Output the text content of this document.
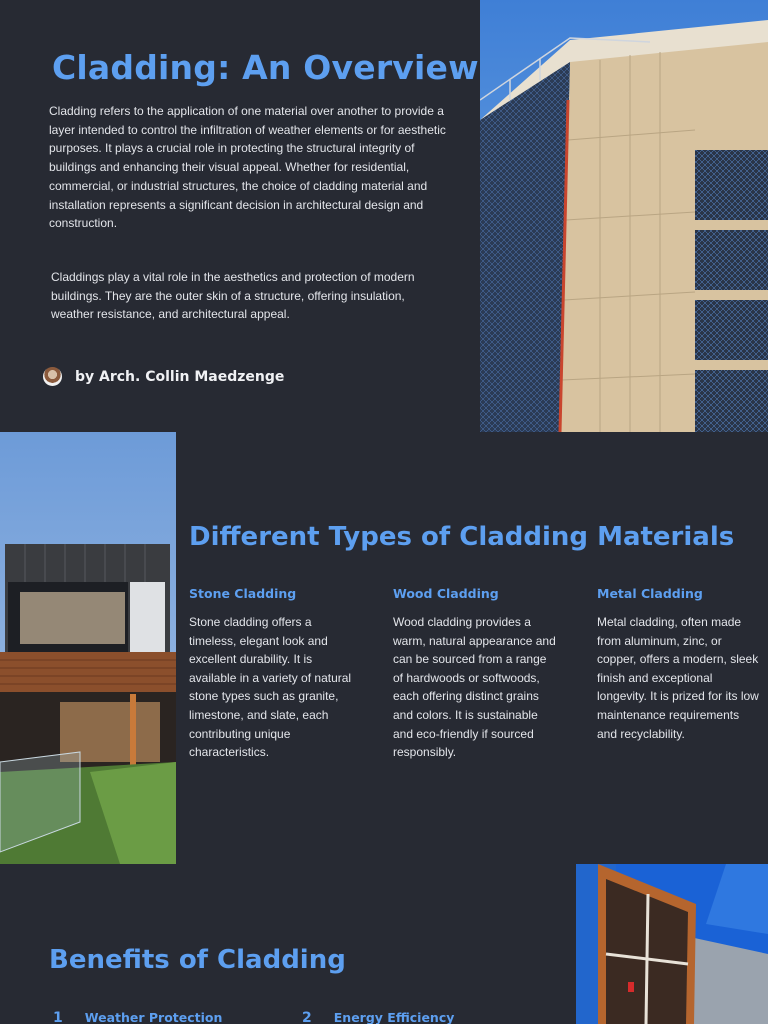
Cladding: An Overview

Cladding refers to the application of one material over another to provide a layer intended to control the infiltration of weather elements or for aesthetic purposes. It plays a crucial role in protecting the structural integrity of buildings and enhancing their visual appeal. Whether for residential, commercial, or industrial structures, the choice of cladding material and installation represents a significant decision in architectural design and construction.

Claddings play a vital role in the aesthetics and protection of modern buildings. They are the outer skin of a structure, offering insulation, weather resistance, and architectural appeal.

by Arch. Collin Maedzenge
Different Types of Cladding Materials
Stone Cladding

Stone cladding offers a timeless, elegant look and excellent durability. It is available in a variety of natural stone types such as granite, limestone, and slate, each contributing unique characteristics.

Wood Cladding

Wood cladding provides a warm, natural appearance and can be sourced from a range of hardwoods or softwoods, each offering distinct grains and colors. It is sustainable and eco-friendly if sourced responsibly.

Metal Cladding

Metal cladding, often made from aluminum, zinc, or copper, offers a modern, sleek finish and exceptional longevity. It is prized for its low maintenance requirements and recyclability.

Benefits of Cladding
1 Weather Protection	2 Energy Efficiency
